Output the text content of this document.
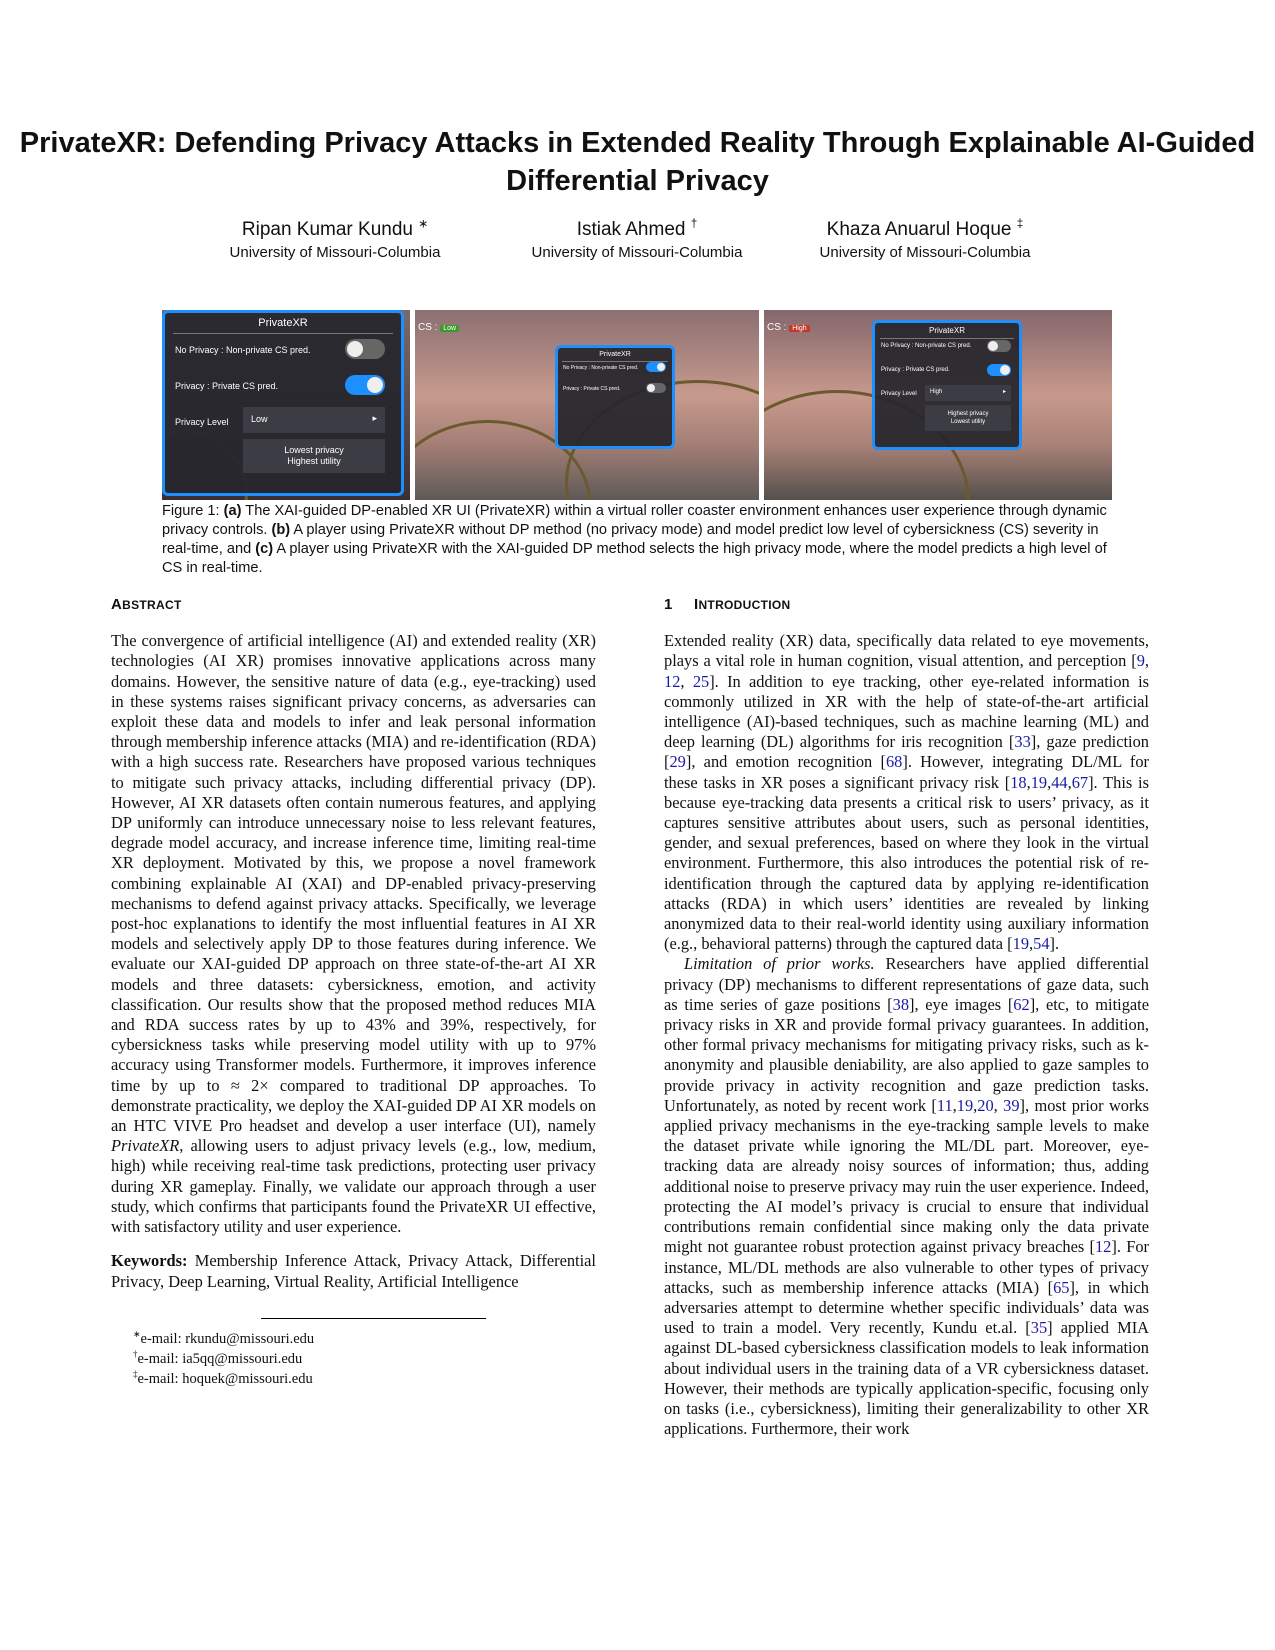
PrivateXR: Defending Privacy Attacks in Extended Reality Through Explainable AI-Guided Differential Privacy
Ripan Kumar Kundu ∗
University of Missouri-Columbia
Istiak Ahmed †
University of Missouri-Columbia
Khaza Anuarul Hoque ‡
University of Missouri-Columbia
PrivateXR
No Privacy : Non-private CS pred.
Privacy : Private CS pred.
Privacy Level Low	▸
Lowest privacy
Highest utility
CS : Low
PrivateXR
No Privacy : Non-private CS pred.
Privacy : Private CS pred.
CS : High	PrivateXR
No Privacy : Non-private CS pred.
Privacy : Private CS pred.
Privacy Level High	▸
Highest privacy
Lowest utility
Figure 1: (a) The XAI-guided DP-enabled XR UI (PrivateXR) within a virtual roller coaster environment enhances user experience through dynamic privacy controls. (b) A player using PrivateXR without DP method (no privacy mode) and model predict low level of cybersickness (CS) severity in real-time, and (c) A player using PrivateXR with the XAI-guided DP method selects the high privacy mode, where the model predicts a high level of CS in real-time.
ABSTRACT

The convergence of artificial intelligence (AI) and extended reality (XR) technologies (AI XR) promises innovative applications across many domains. However, the sensitive nature of data (e.g., eye-tracking) used in these systems raises significant privacy concerns, as adversaries can exploit these data and models to infer and leak personal information through membership inference attacks (MIA) and re-identification (RDA) with a high success rate. Researchers have proposed various techniques to mitigate such privacy attacks, including differential privacy (DP). However, AI XR datasets often contain numerous features, and applying DP uniformly can introduce unnecessary noise to less relevant features, degrade model accuracy, and increase inference time, limiting real-time XR deployment. Motivated by this, we propose a novel framework combining explainable AI (XAI) and DP-enabled privacy-preserving mechanisms to defend against privacy attacks. Specifically, we leverage post-hoc explanations to identify the most influential features in AI XR models and selectively apply DP to those features during inference. We evaluate our XAI-guided DP approach on three state-of-the-art AI XR models and three datasets: cybersickness, emotion, and activity classification. Our results show that the proposed method reduces MIA and RDA success rates by up to 43% and 39%, respectively, for cybersickness tasks while preserving model utility with up to 97% accuracy using Transformer models. Furthermore, it improves inference time by up to ≈ 2× compared to traditional DP approaches. To demonstrate practicality, we deploy the XAI-guided DP AI XR models on an HTC VIVE Pro headset and develop a user interface (UI), namely PrivateXR, allowing users to adjust privacy levels (e.g., low, medium, high) while receiving real-time task predictions, protecting user privacy during XR gameplay. Finally, we validate our approach through a user study, which confirms that participants found the PrivateXR UI effective, with satisfactory utility and user experience.

Keywords: Membership Inference Attack, Privacy Attack, Differential Privacy, Deep Learning, Virtual Reality, Artificial Intelligence

∗e-mail: rkundu@missouri.edu
†e-mail: ia5qq@missouri.edu
‡e-mail: hoquek@missouri.edu
1 INTRODUCTION

Extended reality (XR) data, specifically data related to eye movements, plays a vital role in human cognition, visual attention, and perception [9, 12, 25]. In addition to eye tracking, other eye-related information is commonly utilized in XR with the help of state-of-the-art artificial intelligence (AI)-based techniques, such as machine learning (ML) and deep learning (DL) algorithms for iris recognition [33], gaze prediction [29], and emotion recognition [68]. However, integrating DL/ML for these tasks in XR poses a significant privacy risk [18,19,44,67]. This is because eye-tracking data presents a critical risk to users’ privacy, as it captures sensitive attributes about users, such as personal identities, gender, and sexual preferences, based on where they look in the virtual environment. Furthermore, this also introduces the potential risk of re-identification through the captured data by applying re-identification attacks (RDA) in which users’ identities are revealed by linking anonymized data to their real-world identity using auxiliary information (e.g., behavioral patterns) through the captured data [19,54].

Limitation of prior works. Researchers have applied differential privacy (DP) mechanisms to different representations of gaze data, such as time series of gaze positions [38], eye images [62], etc, to mitigate privacy risks in XR and provide formal privacy guarantees. In addition, other formal privacy mechanisms for mitigating privacy risks, such as k-anonymity and plausible deniability, are also applied to gaze samples to provide privacy in activity recognition and gaze prediction tasks. Unfortunately, as noted by recent work [11,19,20, 39], most prior works applied privacy mechanisms in the eye-tracking sample levels to make the dataset private while ignoring the ML/DL part. Moreover, eye-tracking data are already noisy sources of information; thus, adding additional noise to preserve privacy may ruin the user experience. Indeed, protecting the AI model’s privacy is crucial to ensure that individual contributions remain confidential since making only the data private might not guarantee robust protection against privacy breaches [12]. For instance, ML/DL methods are also vulnerable to other types of privacy attacks, such as membership inference attacks (MIA) [65], in which adversaries attempt to determine whether specific individuals’ data was used to train a model. Very recently, Kundu et.al. [35] applied MIA against DL-based cybersickness classification models to leak information about individual users in the training data of a VR cybersickness dataset. However, their methods are typically application-specific, focusing only on tasks (i.e., cybersickness), limiting their generalizability to other XR applications. Furthermore, their work
